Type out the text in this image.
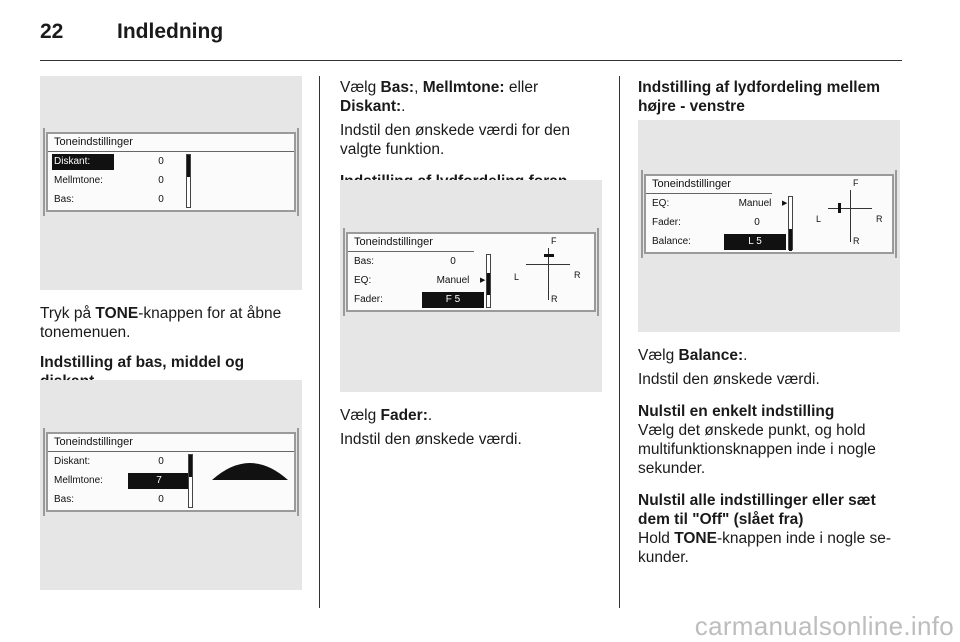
22	Indledning
Toneindstillinger
Diskant:	0
Mellmtone:	0
Bas:	0

Tryk på TONE-knappen for at åbne tonemenuen.

Indstilling af bas, middel og

Toneindstillinger
Diskant:	0
Mellmtone:	7
Bas:	0

Vælg Bas:, Mellmtone: eller Diskant:.

Indstil den ønskede værdi for den valgte funktion.

Toneindstillinger
Bas:	0
EQ:	Manuel	▶
Fader:	F 5
F
L	R
R

Vælg Fader:.

Indstil den ønskede værdi.

Indstilling af lydfordeling mellem højre - venstre

Toneindstillinger
EQ:	Manuel	▶
Fader:	0
Balance:	L 5
F
L	R
R

Vælg Balance:.

Indstil den ønskede værdi.

Nulstil en enkelt indstilling

Vælg det ønskede punkt, og hold multifunktionsknappen inde i nogle sekunder.

Nulstil alle indstillinger eller sæt dem til "Off" (slået fra)

Hold TONE-knappen inde i nogle se-kunder.

carmanualsonline.info
